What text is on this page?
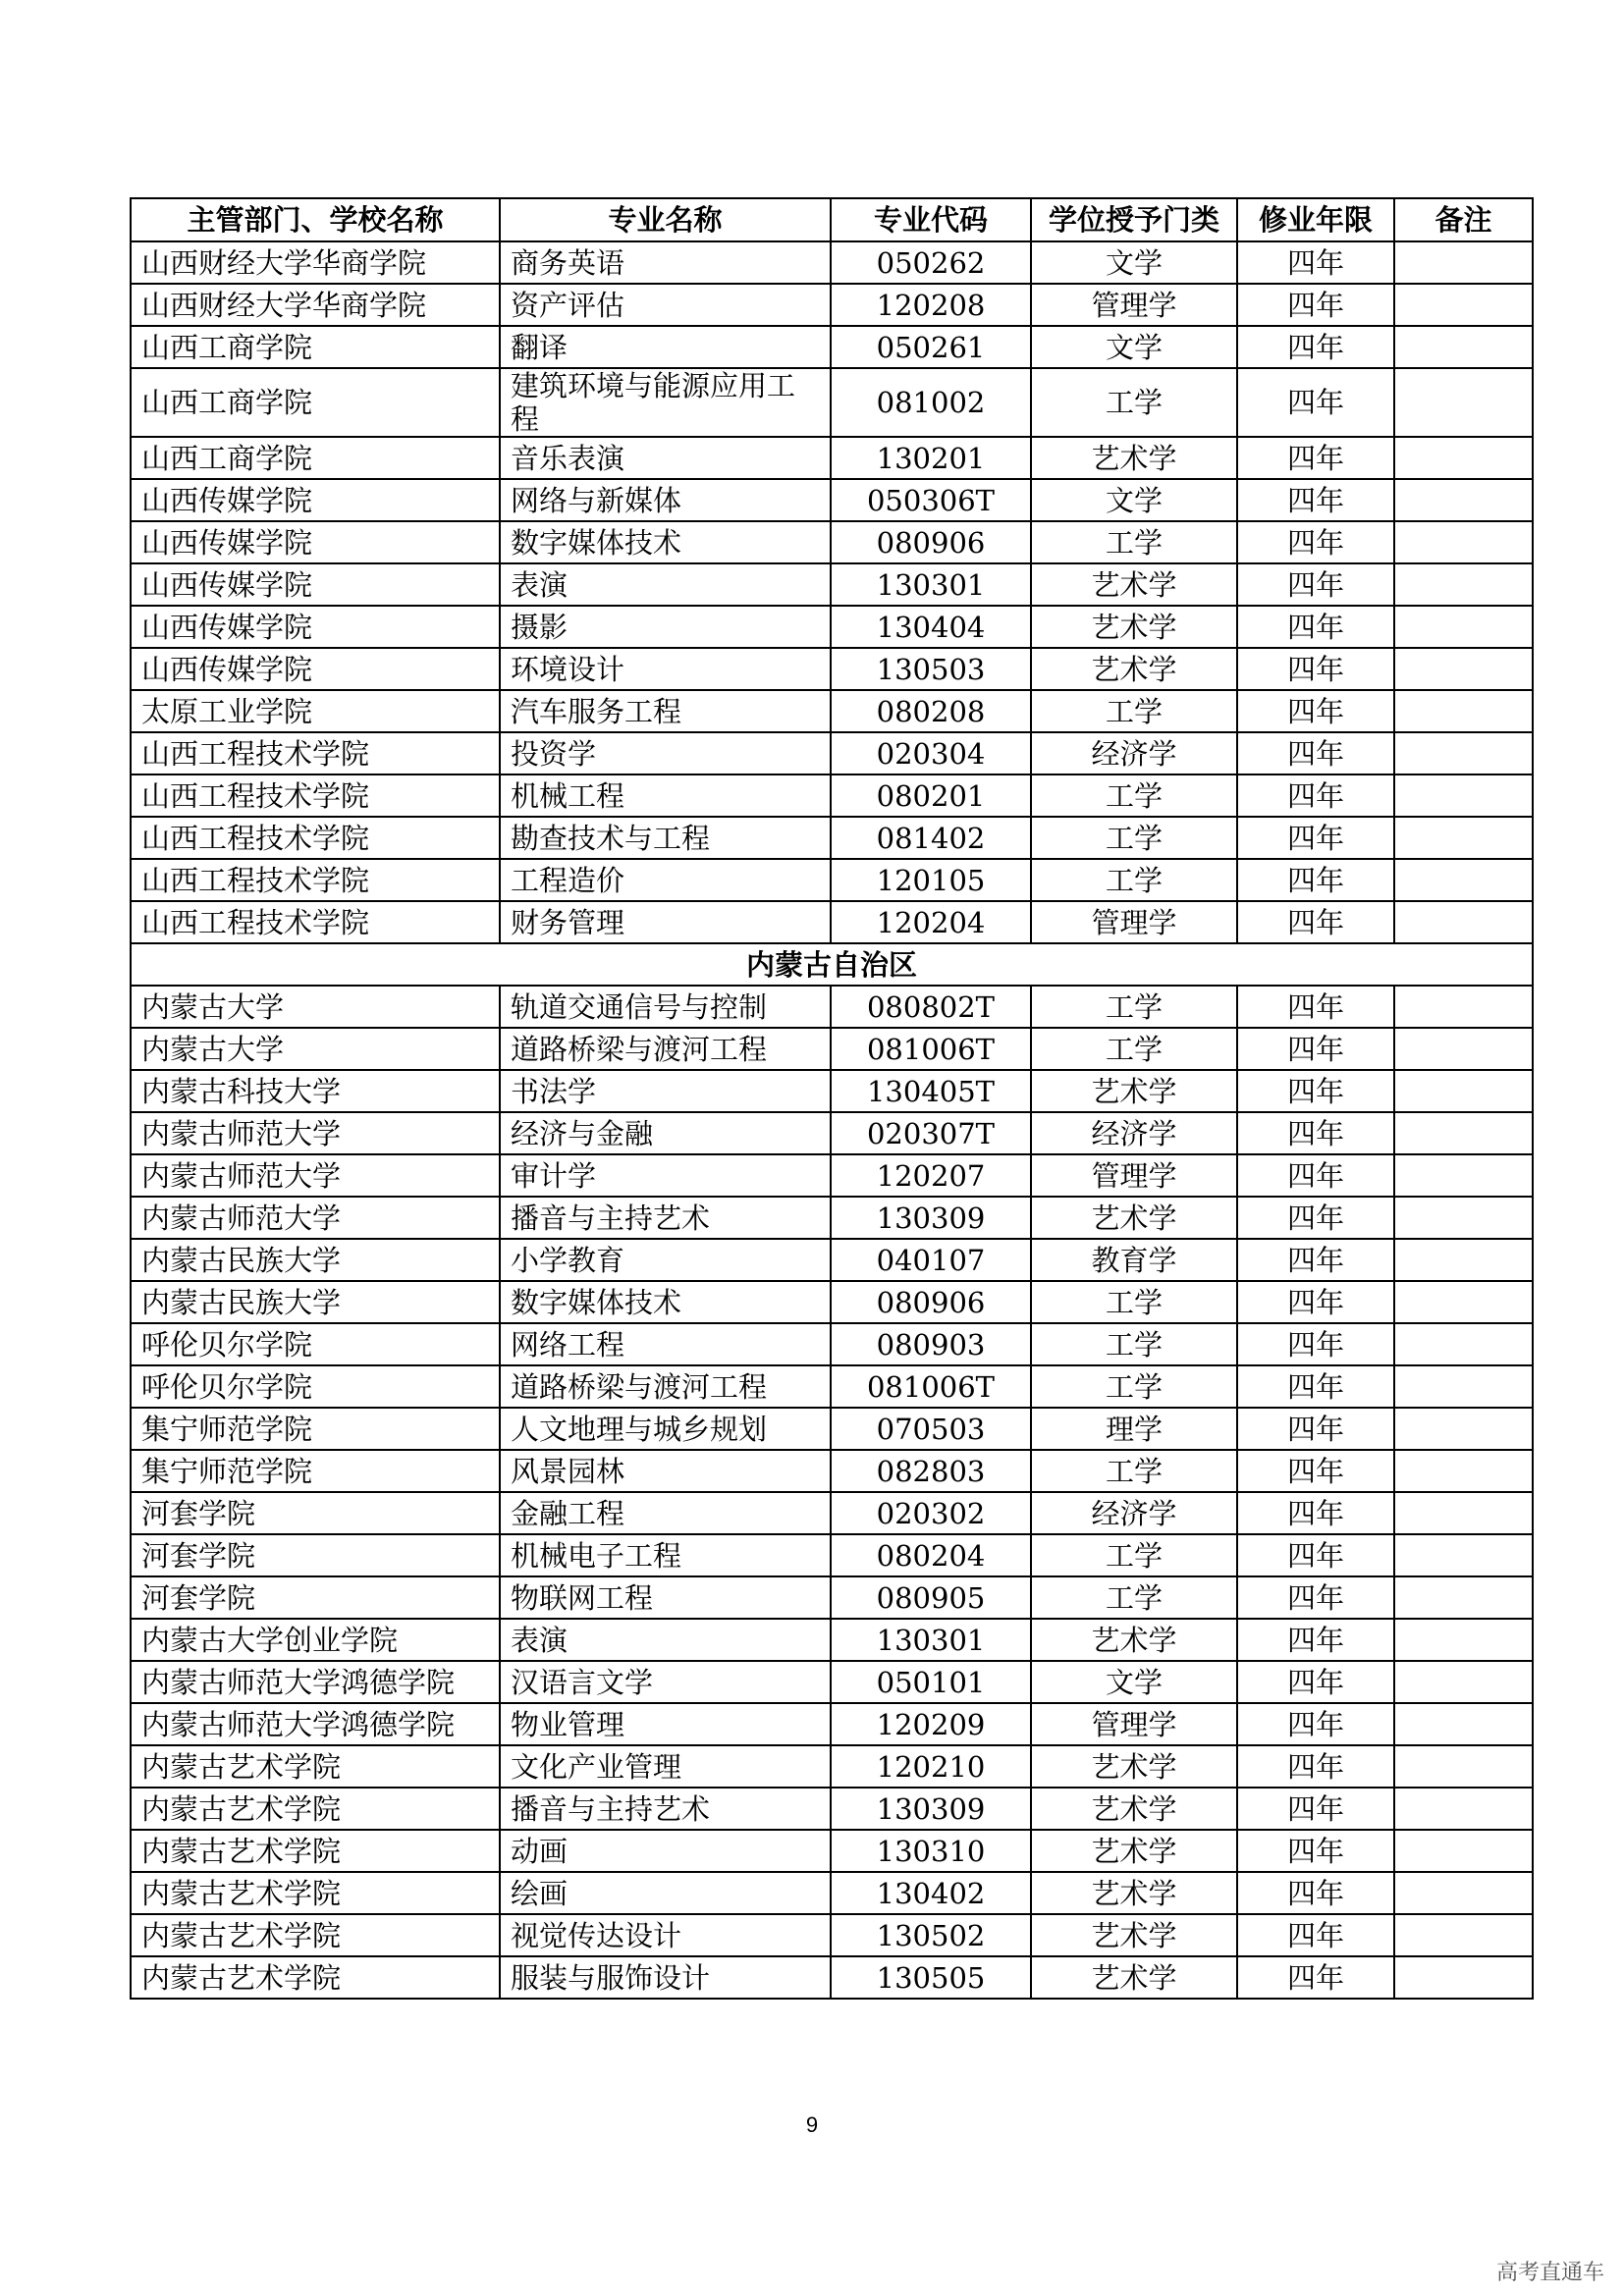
主管部门、学校名称	专业名称	专业代码	学位授予门类	修业年限	备注
山西财经大学华商学院	商务英语	050262	文学	四年	
山西财经大学华商学院	资产评估	120208	管理学	四年	
山西工商学院	翻译	050261	文学	四年	
山西工商学院	建筑环境与能源应用工程	081002	工学	四年	
山西工商学院	音乐表演	130201	艺术学	四年	
山西传媒学院	网络与新媒体	050306T	文学	四年	
山西传媒学院	数字媒体技术	080906	工学	四年	
山西传媒学院	表演	130301	艺术学	四年	
山西传媒学院	摄影	130404	艺术学	四年	
山西传媒学院	环境设计	130503	艺术学	四年	
太原工业学院	汽车服务工程	080208	工学	四年	
山西工程技术学院	投资学	020304	经济学	四年	
山西工程技术学院	机械工程	080201	工学	四年	
山西工程技术学院	勘查技术与工程	081402	工学	四年	
山西工程技术学院	工程造价	120105	工学	四年	
山西工程技术学院	财务管理	120204	管理学	四年	
内蒙古自治区					
内蒙古大学	轨道交通信号与控制	080802T	工学	四年	
内蒙古大学	道路桥梁与渡河工程	081006T	工学	四年	
内蒙古科技大学	书法学	130405T	艺术学	四年	
内蒙古师范大学	经济与金融	020307T	经济学	四年	
内蒙古师范大学	审计学	120207	管理学	四年	
内蒙古师范大学	播音与主持艺术	130309	艺术学	四年	
内蒙古民族大学	小学教育	040107	教育学	四年	
内蒙古民族大学	数字媒体技术	080906	工学	四年	
呼伦贝尔学院	网络工程	080903	工学	四年	
呼伦贝尔学院	道路桥梁与渡河工程	081006T	工学	四年	
集宁师范学院	人文地理与城乡规划	070503	理学	四年	
集宁师范学院	风景园林	082803	工学	四年	
河套学院	金融工程	020302	经济学	四年	
河套学院	机械电子工程	080204	工学	四年	
河套学院	物联网工程	080905	工学	四年	
内蒙古大学创业学院	表演	130301	艺术学	四年	
内蒙古师范大学鸿德学院	汉语言文学	050101	文学	四年	
内蒙古师范大学鸿德学院	物业管理	120209	管理学	四年	
内蒙古艺术学院	文化产业管理	120210	艺术学	四年	
内蒙古艺术学院	播音与主持艺术	130309	艺术学	四年	
内蒙古艺术学院	动画	130310	艺术学	四年	
内蒙古艺术学院	绘画	130402	艺术学	四年	
内蒙古艺术学院	视觉传达设计	130502	艺术学	四年	
内蒙古艺术学院	服装与服饰设计	130505	艺术学	四年	
9
高考直通车
